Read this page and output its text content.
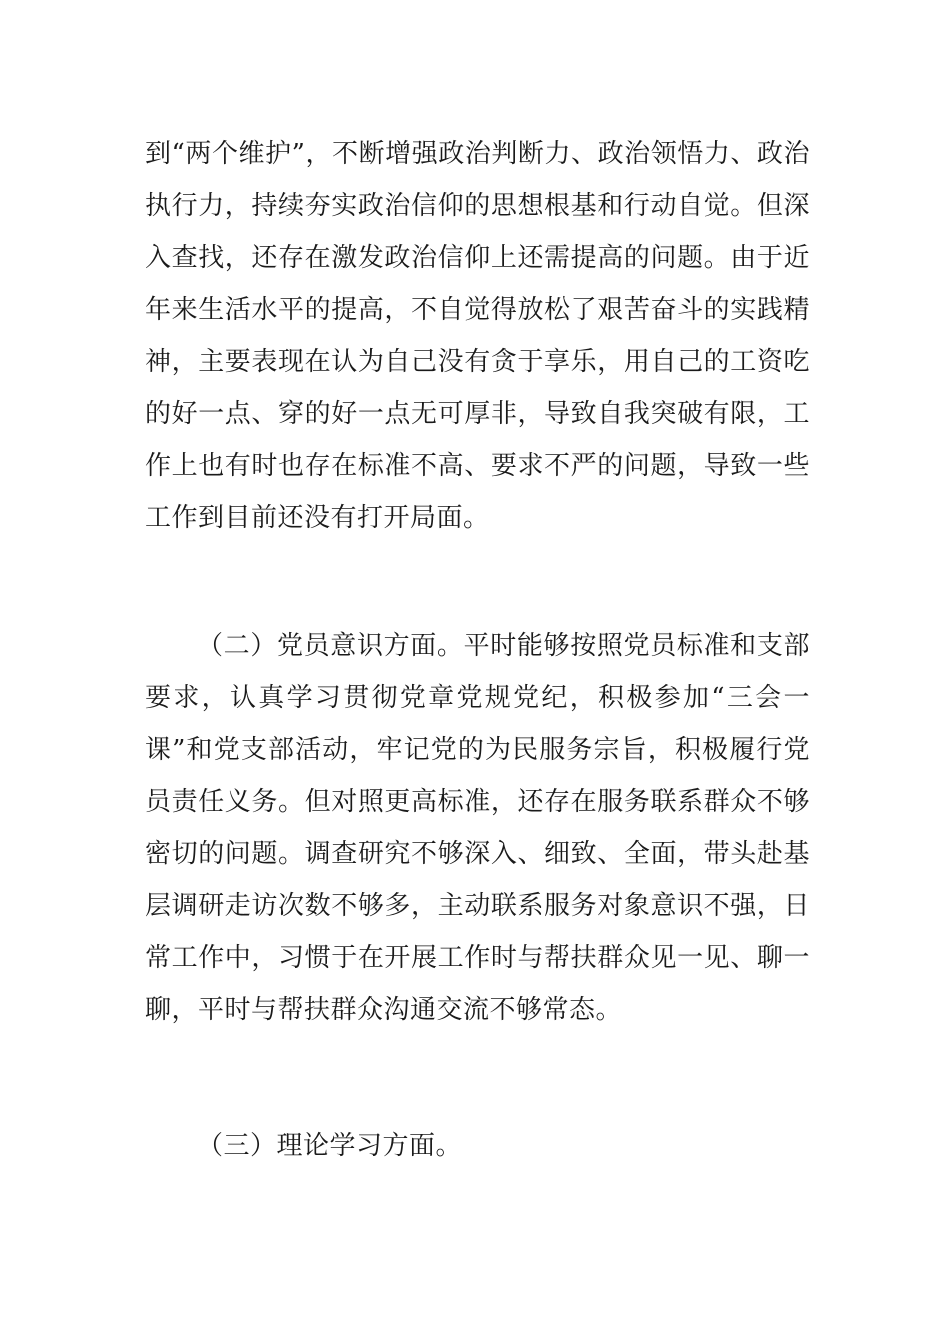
到“两个维护”，不断增强政治判断力、政治领悟力、政治执行力，持续夯实政治信仰的思想根基和行动自觉。但深入查找，还存在激发政治信仰上还需提高的问题。由于近年来生活水平的提高，不自觉得放松了艰苦奋斗的实践精神，主要表现在认为自己没有贪于享乐，用自己的工资吃的好一点、穿的好一点无可厚非，导致自我突破有限，工作上也有时也存在标准不高、要求不严的问题，导致一些工作到目前还没有打开局面。

（二）党员意识方面。平时能够按照党员标准和支部要求，认真学习贯彻党章党规党纪，积极参加“三会一课”和党支部活动，牢记党的为民服务宗旨，积极履行党员责任义务。但对照更高标准，还存在服务联系群众不够密切的问题。调查研究不够深入、细致、全面，带头赴基层调研走访次数不够多，主动联系服务对象意识不强，日常工作中，习惯于在开展工作时与帮扶群众见一见、聊一聊，平时与帮扶群众沟通交流不够常态。

（三）理论学习方面。
